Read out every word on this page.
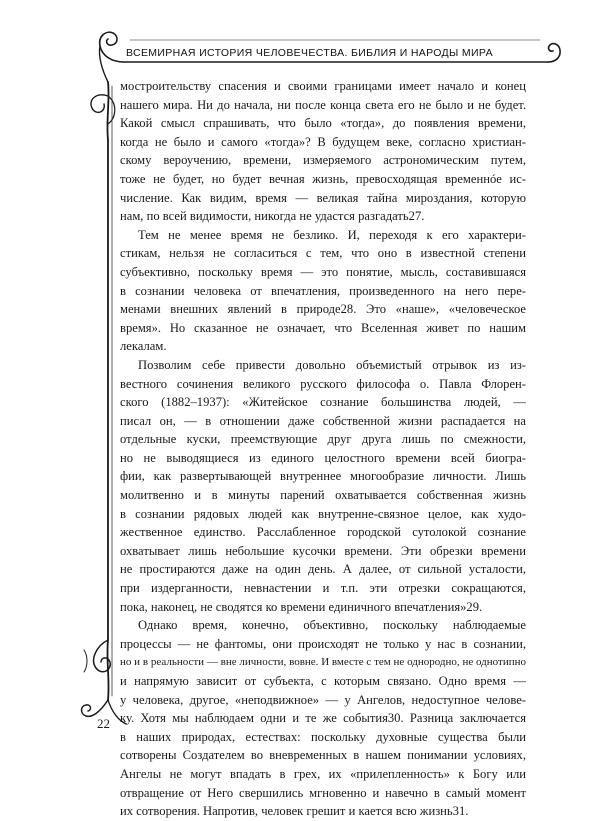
ВСЕМИРНАЯ ИСТОРИЯ ЧЕЛОВЕЧЕСТВА. БИБЛИЯ И НАРОДЫ МИРА
мостроительству спасения и своими границами имеет начало и конец
нашего мира. Ни до начала, ни после конца света его не было и не будет.
Какой смысл спрашивать, что было «тогда», до появления времени,
когда не было и самого «тогда»? В будущем веке, согласно христиан-
скому вероучению, времени, измеряемого астрономическим путем,
тоже не будет, но будет вечная жизнь, превосходящая временнóе ис-
числение. Как видим, время — великая тайна мироздания, которую
нам, по всей видимости, никогда не удастся разгадать27.
Тем не менее время не безлико. И, переходя к его характери-
стикам, нельзя не согласиться с тем, что оно в известной степени
субъективно, поскольку время — это понятие, мысль, составившаяся
в сознании человека от впечатления, произведенного на него пере-
менами внешних явлений в природе28. Это «наше», «человеческое
время». Но сказанное не означает, что Вселенная живет по нашим
лекалам.
Позволим себе привести довольно объемистый отрывок из из-
вестного сочинения великого русского философа о. Павла Флорен-
ского (1882–1937): «Житейское сознание большинства людей, —
писал он, — в отношении даже собственной жизни распадается на
отдельные куски, преемствующие друг друга лишь по смежности,
но не выводящиеся из единого целостного времени всей биогра-
фии, как развертывающей внутреннее многообразие личности. Лишь
молитвенно и в минуты парений охватывается собственная жизнь
в сознании рядовых людей как внутренне-связное целое, как худо-
жественное единство. Расслабленное городской сутолокой сознание
охватывает лишь небольшие кусочки времени. Эти обрезки времени
не простираются даже на один день. А далее, от сильной усталости,
при издерганности, невнастении и т.п. эти отрезки сокращаются,
пока, наконец, не сводятся ко времени единичного впечатления»29.
Однако время, конечно, объективно, поскольку наблюдаемые
процессы — не фантомы, они происходят не только у нас в сознании,
но и в реальности — вне личности, вовне. И вместе с тем не однородно, не однотипно
и напрямую зависит от субъекта, с которым связано. Одно время —
у человека, другое, «неподвижное» — у Ангелов, недоступное челове-
ку. Хотя мы наблюдаем одни и те же события30. Разница заключается
в наших природах, естествах: поскольку духовные существа были
сотворены Создателем во вневременных в нашем понимании условиях,
Ангелы не могут впадать в грех, их «прилепленность» к Богу или
отвращение от Него свершились мгновенно и навечно в самый момент
их сотворения. Напротив, человек грешит и кается всю жизнь31.
22
